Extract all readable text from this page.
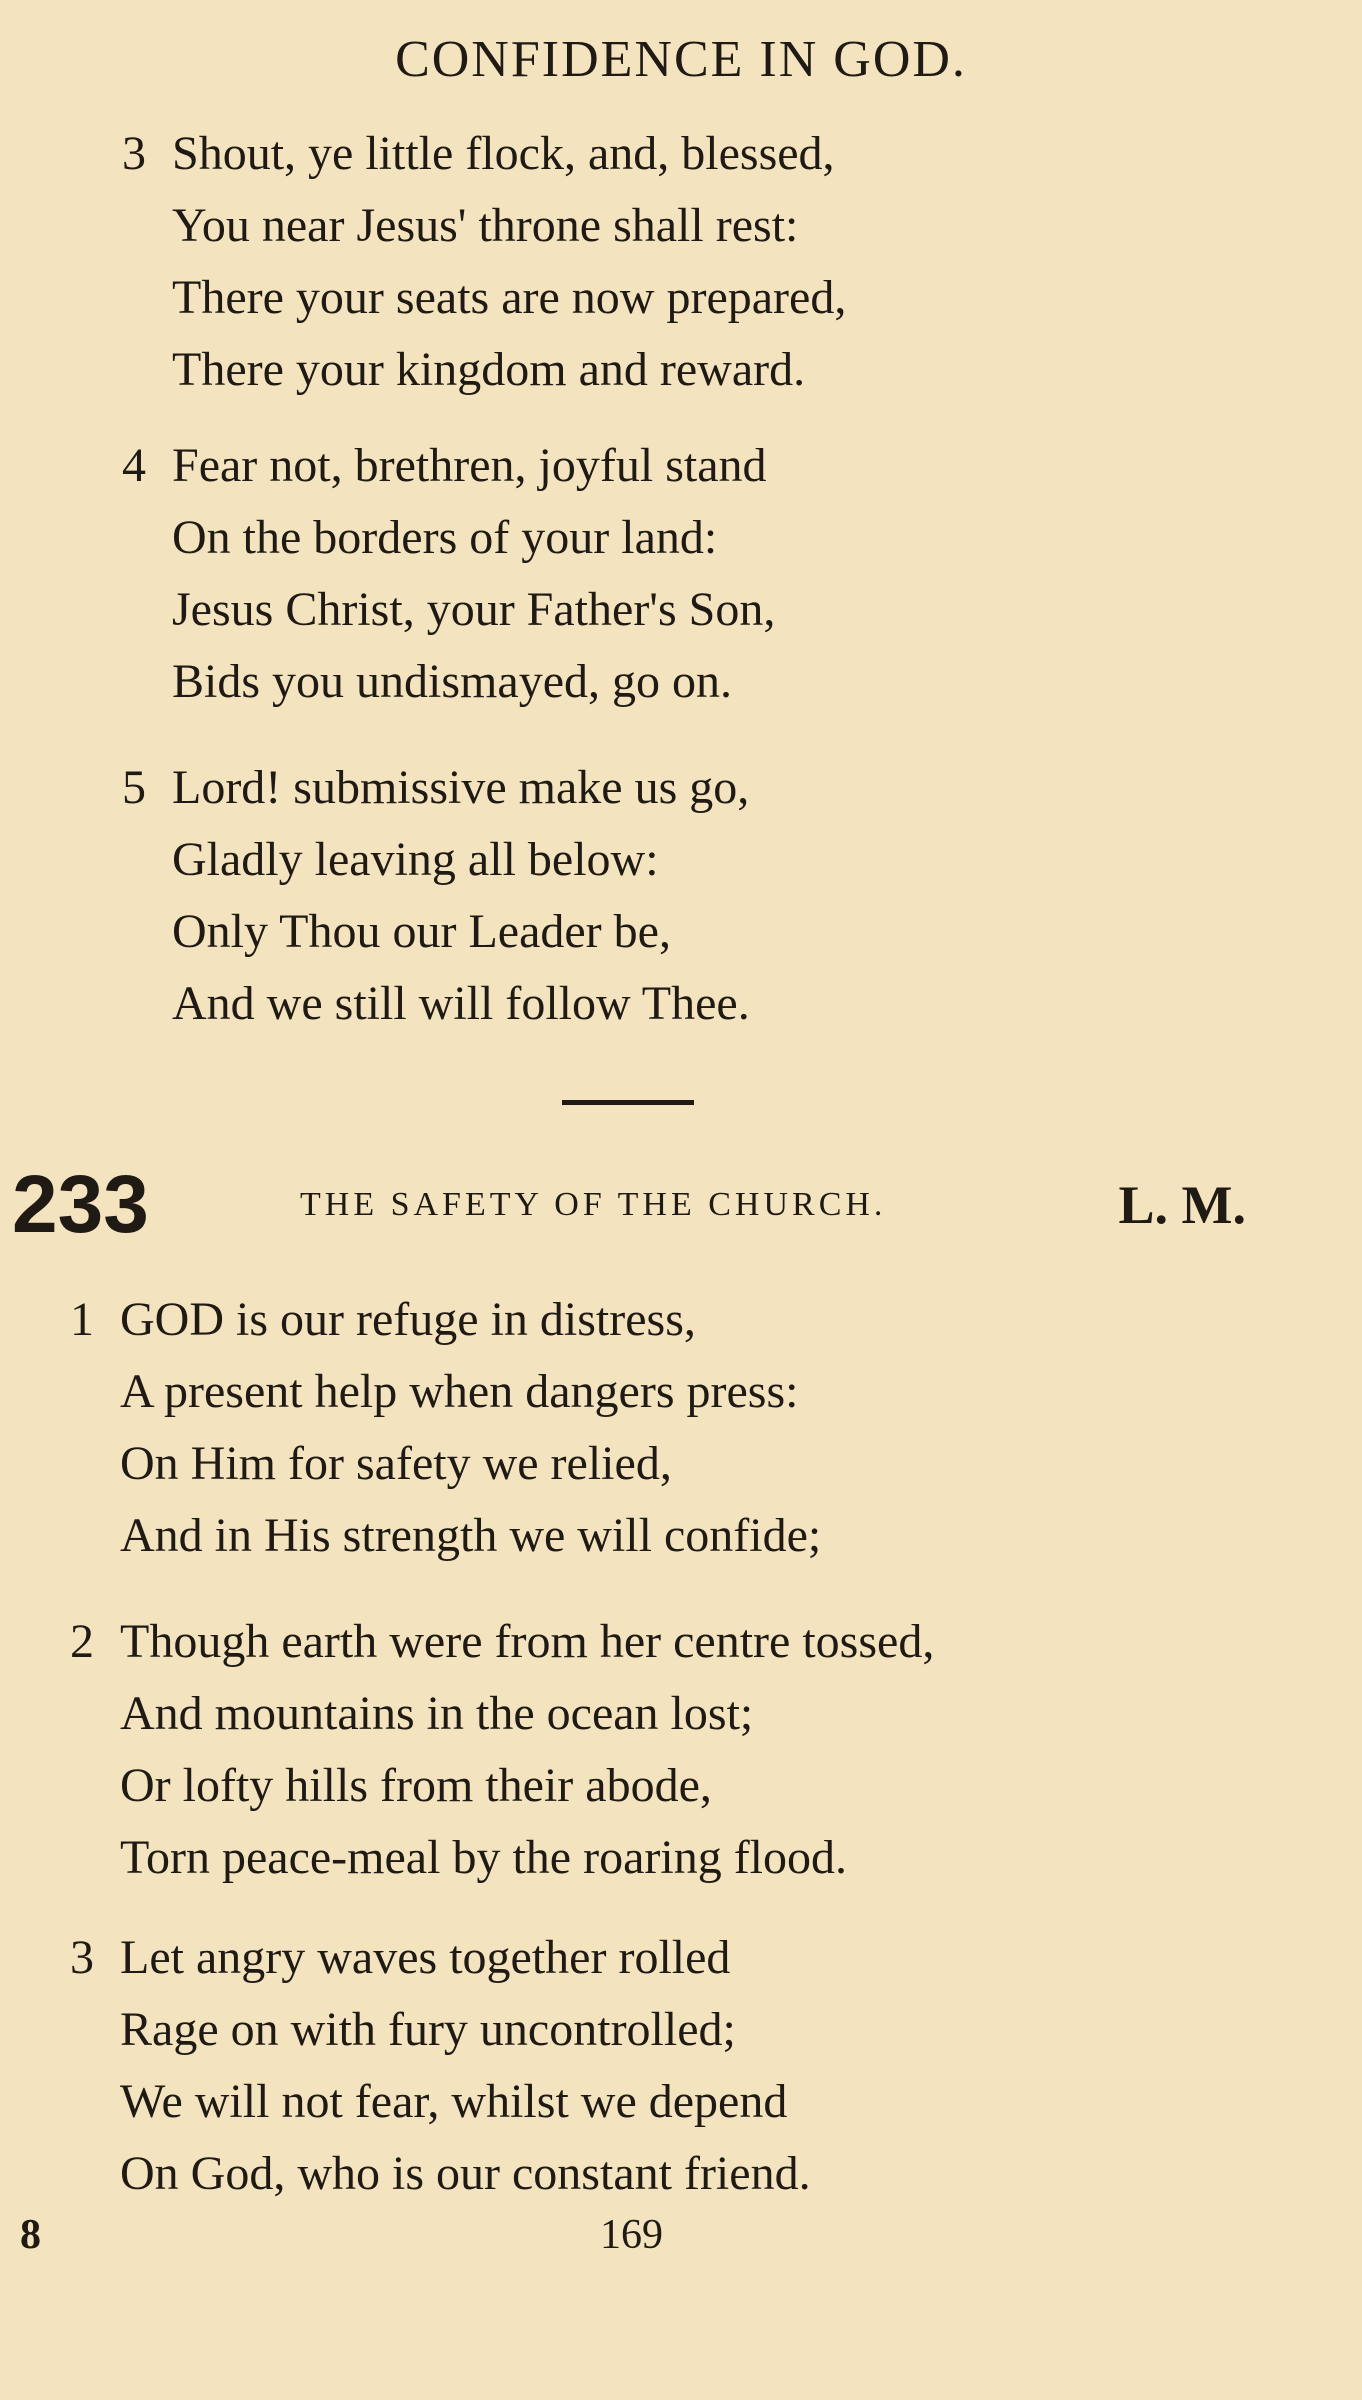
CONFIDENCE IN GOD.
3 Shout, ye little flock, and, blessed,
You near Jesus' throne shall rest:
There your seats are now prepared,
There your kingdom and reward.
4 Fear not, brethren, joyful stand
On the borders of your land:
Jesus Christ, your Father's Son,
Bids you undismayed, go on.
5 Lord! submissive make us go,
Gladly leaving all below:
Only Thou our Leader be,
And we still will follow Thee.
233	THE SAFETY OF THE CHURCH.	L. M.
1 GOD is our refuge in distress,
A present help when dangers press:
On Him for safety we relied,
And in His strength we will confide;
2 Though earth were from her centre tossed,
And mountains in the ocean lost;
Or lofty hills from their abode,
Torn peace-meal by the roaring flood.
3 Let angry waves together rolled
Rage on with fury uncontrolled;
We will not fear, whilst we depend
On God, who is our constant friend.
8	169
